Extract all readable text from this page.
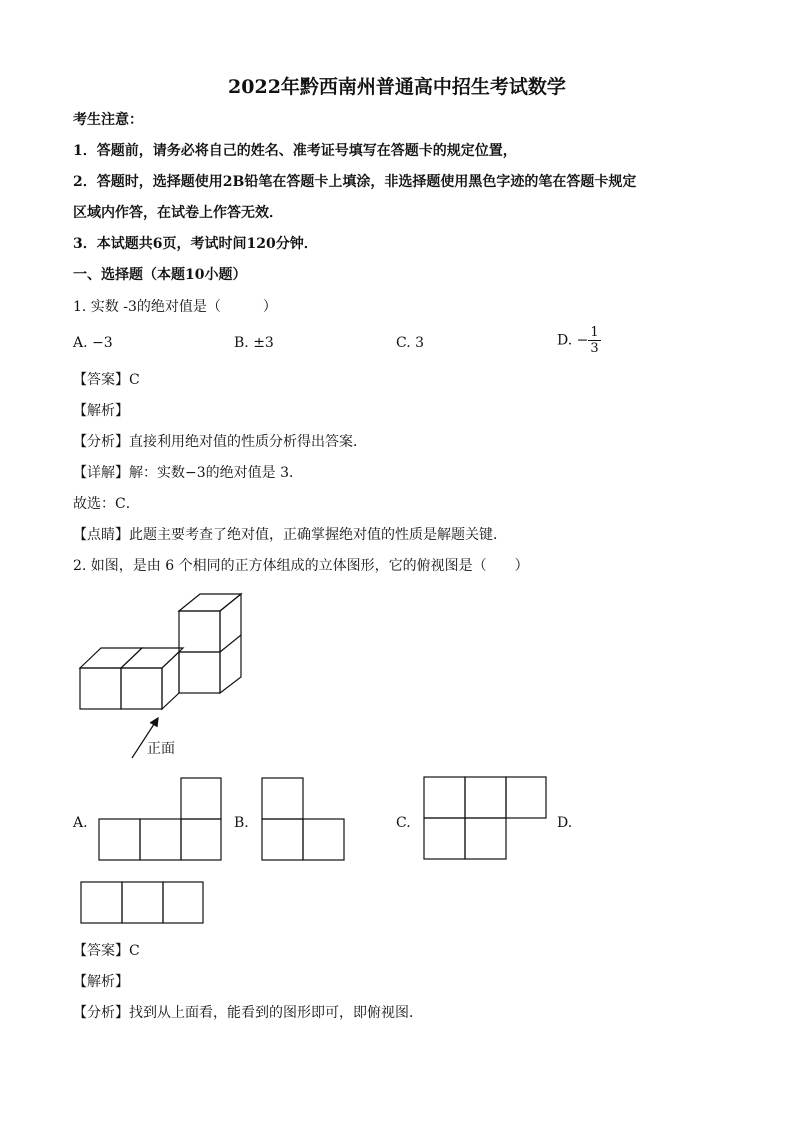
2022年黔西南州普通高中招生考试数学
考生注意：
1．答题前，请务必将自己的姓名、准考证号填写在答题卡的规定位置，
2．答题时，选择题使用2B铅笔在答题卡上填涂，非选择题使用黑色字迹的笔在答题卡规定
区域内作答，在试卷上作答无效．
3．本试题共6页，考试时间120分钟．
一、选择题（本题10小题）
1. 实数 -3的绝对值是（　　　）
A. −3	B. ±3	C. 3	D. − $\frac{1}{3}$
【答案】C
【解析】
【分析】直接利用绝对值的性质分析得出答案．
【详解】解：实数−3的绝对值是 3．
故选：C．
【点睛】此题主要考查了绝对值，正确掌握绝对值的性质是解题关键．
2. 如图，是由 6 个相同的正方体组成的立体图形，它的俯视图是（　　）
正面
A.	B.	C.	D.
【答案】C
【解析】
【分析】找到从上面看，能看到的图形即可，即俯视图．
